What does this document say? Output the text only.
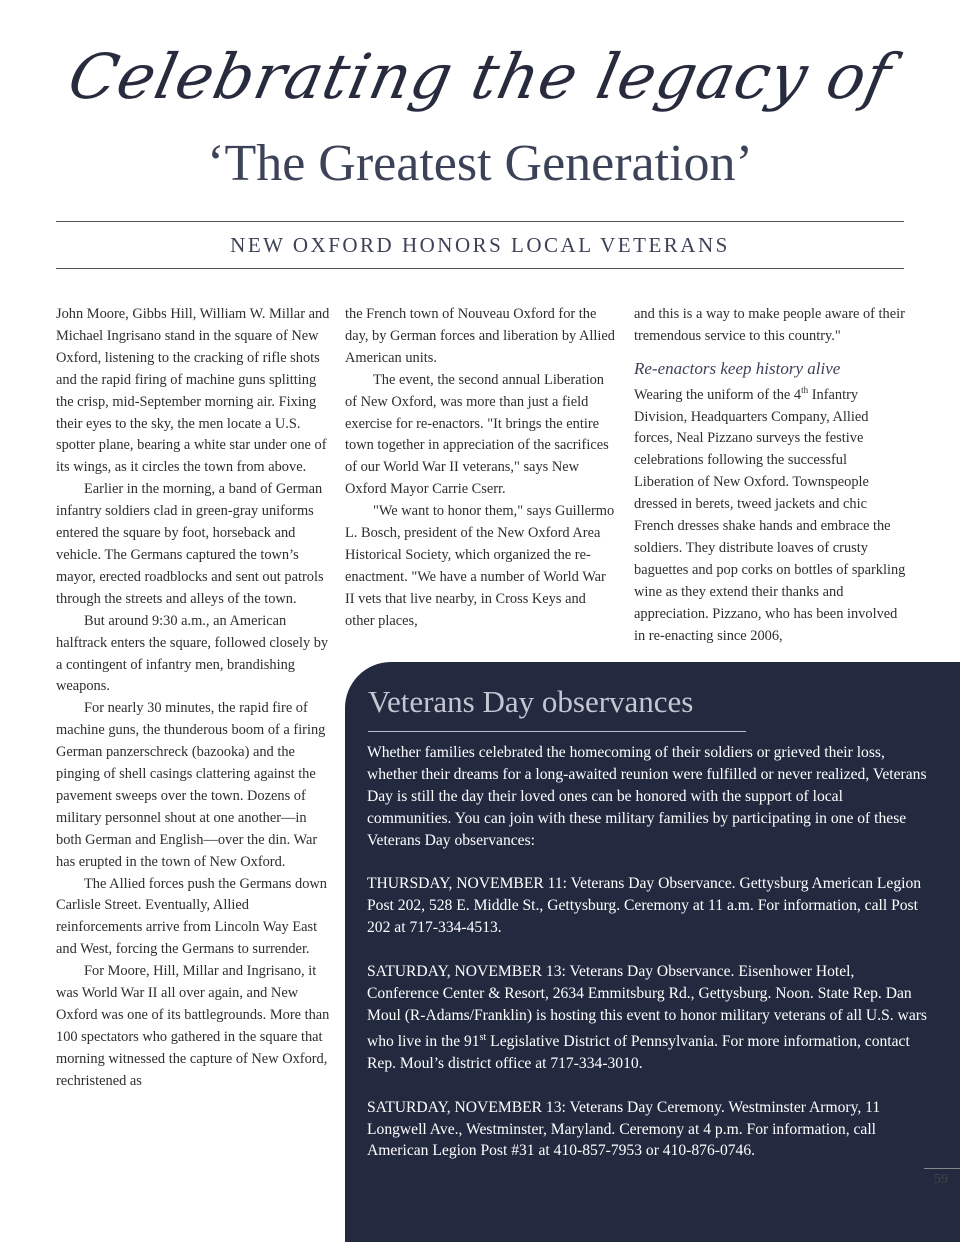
Celebrating the legacy of
‘The Greatest Generation’
NEW OXFORD HONORS LOCAL VETERANS

John Moore, Gibbs Hill, William W. Millar and Michael Ingrisano stand in the square of New Oxford, listening to the cracking of rifle shots and the rapid firing of machine guns splitting the crisp, mid-September morning air. Fixing their eyes to the sky, the men locate a U.S. spotter plane, bearing a white star under one of its wings, as it circles the town from above.

Earlier in the morning, a band of German infantry soldiers clad in green-gray uniforms entered the square by foot, horseback and vehicle. The Germans captured the town’s mayor, erected roadblocks and sent out patrols through the streets and alleys of the town.

But around 9:30 a.m., an American halftrack enters the square, followed closely by a contingent of infantry men, brandishing weapons.

For nearly 30 minutes, the rapid fire of machine guns, the thunderous boom of a firing German panzerschreck (bazooka) and the pinging of shell casings clattering against the pavement sweeps over the town. Dozens of military personnel shout at one another—in both German and English—over the din. War has erupted in the town of New Oxford.

The Allied forces push the Germans down Carlisle Street. Eventually, Allied reinforcements arrive from Lincoln Way East and West, forcing the Germans to surrender.

For Moore, Hill, Millar and Ingrisano, it was World War II all over again, and New Oxford was one of its battlegrounds. More than 100 spectators who gathered in the square that morning witnessed the capture of New Oxford, rechristened as

the French town of Nouveau Oxford for the day, by German forces and liberation by Allied American units.

The event, the second annual Liberation of New Oxford, was more than just a field exercise for re-enactors. "It brings the entire town together in appreciation of the sacrifices of our World War II veterans," says New Oxford Mayor Carrie Cserr.

"We want to honor them," says Guillermo L. Bosch, president of the New Oxford Area Historical Society, which organized the re-enactment. "We have a number of World War II vets that live nearby, in Cross Keys and other places,

and this is a way to make people aware of their tremendous service to this country."

Re-enactors keep history alive

Wearing the uniform of the 4th Infantry Division, Headquarters Company, Allied forces, Neal Pizzano surveys the festive celebrations following the successful Liberation of New Oxford. Townspeople dressed in berets, tweed jackets and chic French dresses shake hands and embrace the soldiers. They distribute loaves of crusty baguettes and pop corks on bottles of sparkling wine as they extend their thanks and appreciation. Pizzano, who has been involved in re-enacting since 2006,

Veterans Day observances

Whether families celebrated the homecoming of their soldiers or grieved their loss, whether their dreams for a long-awaited reunion were fulfilled or never realized, Veterans Day is still the day their loved ones can be honored with the support of local communities. You can join with these military families by participating in one of these Veterans Day observances:

THURSDAY, NOVEMBER 11: Veterans Day Observance. Gettysburg American Legion Post 202, 528 E. Middle St., Gettysburg. Ceremony at 11 a.m. For information, call Post 202 at 717-334-4513.

SATURDAY, NOVEMBER 13: Veterans Day Observance. Eisenhower Hotel, Conference Center & Resort, 2634 Emmitsburg Rd., Gettysburg. Noon. State Rep. Dan Moul (R-Adams/Franklin) is hosting this event to honor military veterans of all U.S. wars who live in the 91st Legislative District of Pennsylvania. For more information, contact Rep. Moul’s district office at 717-334-3010.

SATURDAY, NOVEMBER 13: Veterans Day Ceremony. Westminster Armory, 11 Longwell Ave., Westminster, Maryland. Ceremony at 4 p.m. For information, call American Legion Post #31 at 410-857-7953 or 410-876-0746.

59
